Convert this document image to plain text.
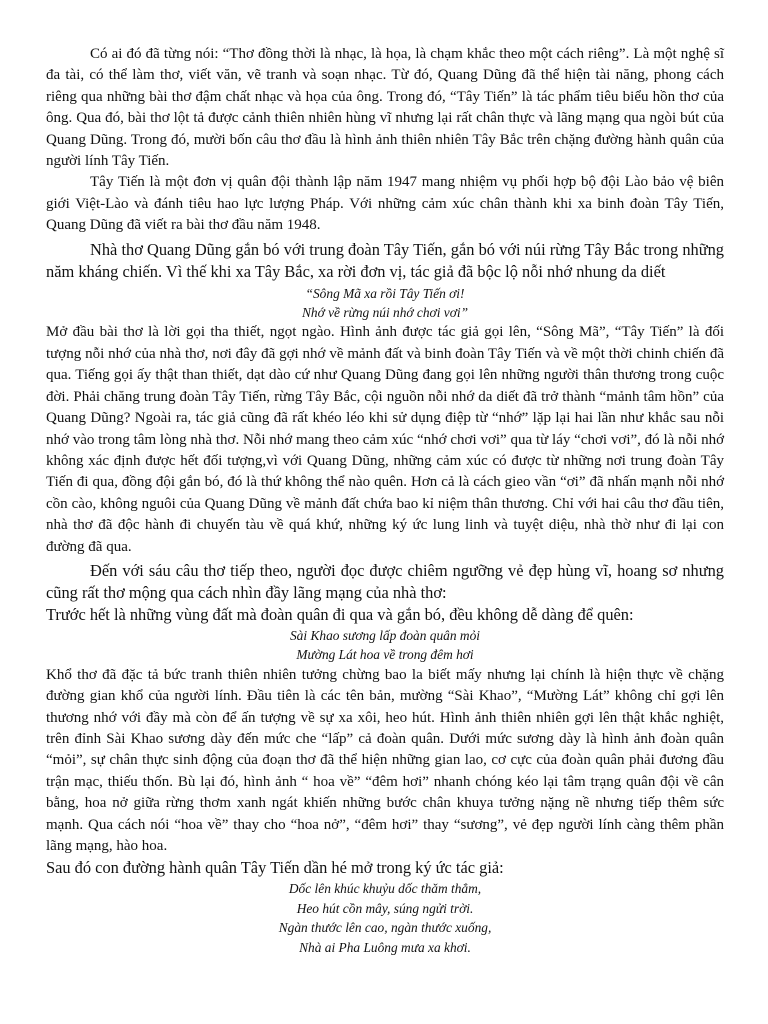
Có ai đó đã từng nói: “Thơ đồng thời là nhạc, là họa, là chạm khắc theo một cách riêng”. Là một nghệ sĩ đa tài, có thể làm thơ, viết văn, vẽ tranh và soạn nhạc. Từ đó, Quang Dũng đã thể hiện tài năng, phong cách riêng qua những bài thơ đậm chất nhạc và họa của ông. Trong đó, “Tây Tiến” là tác phẩm tiêu biểu hồn thơ của ông. Qua đó, bài thơ lột tả được cảnh thiên nhiên hùng vĩ nhưng lại rất chân thực và lãng mạng qua ngòi bút của Quang Dũng. Trong đó, mười bốn câu thơ đầu là hình ảnh thiên nhiên Tây Bắc trên chặng đường hành quân của người lính Tây Tiến.

Tây Tiến là một đơn vị quân đội thành lập năm 1947 mang nhiệm vụ phối hợp bộ đội Lào bảo vệ biên giới Việt-Lào và đánh tiêu hao lực lượng Pháp. Với những cảm xúc chân thành khi xa binh đoàn Tây Tiến, Quang Dũng đã viết ra bài thơ đầu năm 1948.

Nhà thơ Quang Dũng gắn bó với trung đoàn Tây Tiến, gắn bó với núi rừng Tây Bắc trong những năm kháng chiến. Vì thế khi xa Tây Bắc, xa rời đơn vị, tác giả đã bộc lộ nỗi nhớ nhung da diết

“Sông Mã xa rồi Tây Tiến ơi!
Nhớ về rừng núi nhớ chơi vơi”

Mở đầu bài thơ là lời gọi tha thiết, ngọt ngào. Hình ảnh được tác giả gọi lên, “Sông Mã”, “Tây Tiến” là đối tượng nỗi nhớ của nhà thơ, nơi đây đã gợi nhớ về mảnh đất và binh đoàn Tây Tiến và về một thời chinh chiến đã qua. Tiếng gọi ấy thật than thiết, dạt dào cứ như Quang Dũng đang gọi lên những người thân thương trong cuộc đời. Phải chăng trung đoàn Tây Tiến, rừng Tây Bắc, cội nguồn nỗi nhớ da diết đã trở thành “mảnh tâm hồn” của Quang Dũng? Ngoài ra, tác giả cũng đã rất khéo léo khi sử dụng điệp từ “nhớ” lặp lại hai lần như khắc sau nỗi nhớ vào trong tâm lòng nhà thơ. Nỗi nhớ mang theo cảm xúc “nhớ chơi vơi” qua từ láy “chơi vơi”, đó là nỗi nhớ không xác định được hết đối tượng,vì với Quang Dũng, những cảm xúc có được từ những nơi trung đoàn Tây Tiến đi qua, đồng đội gắn bó, đó là thứ không thể nào quên. Hơn cả là cách gieo vần “ơi” đã nhấn mạnh nỗi nhớ cồn cào, không nguôi của Quang Dũng về mảnh đất chứa bao kỉ niệm thân thương. Chỉ với hai câu thơ đầu tiên, nhà thơ đã độc hành đi chuyến tàu về quá khứ, những ký ức lung linh và tuyệt diệu, nhà thờ như đi lại con đường đã qua.

Đến với sáu câu thơ tiếp theo, người đọc được chiêm ngưỡng vẻ đẹp hùng vĩ, hoang sơ nhưng cũng rất thơ mộng qua cách nhìn đầy lãng mạng của nhà thơ:

Trước hết là những vùng đất mà đoàn quân đi qua và gắn bó, đều không dễ dàng để quên:

Sài Khao sương lấp đoàn quân mỏi
Mường Lát hoa về trong đêm hơi

Khổ thơ đã đặc tả bức tranh thiên nhiên tưởng chừng bao la biết mấy nhưng lại chính là hiện thực về chặng đường gian khổ của người lính. Đầu tiên là các tên bản, mường “Sài Khao”, “Mường Lát” không chỉ gợi lên thương nhớ với đầy mà còn để ấn tượng về sự xa xôi, heo hút. Hình ảnh thiên nhiên gợi lên thật khắc nghiệt, trên đỉnh Sài Khao sương dày đến mức che “lấp” cả đoàn quân. Dưới mức sương dày là hình ảnh đoàn quân “mỏi”, sự chân thực sinh động của đoạn thơ đã thể hiện những gian lao, cơ cực của đoàn quân phải đương đầu trận mạc, thiếu thốn. Bù lại đó, hình ảnh “ hoa về” “đêm hơi” nhanh chóng kéo lại tâm trạng quân đội về cân bằng, hoa nở giữa rừng thơm xanh ngát khiến những bước chân khuya tưởng nặng nề nhưng tiếp thêm sức mạnh. Qua cách nói “hoa về” thay cho “hoa nở”, “đêm hơi” thay “sương”, vẻ đẹp người lính càng thêm phần lãng mạng, hào hoa.

Sau đó con đường hành quân Tây Tiến dần hé mở trong ký ức tác giả:

Dốc lên khúc khuỷu dốc thăm thẳm,
Heo hút cồn mây, súng ngửi trời.
Ngàn thước lên cao, ngàn thước xuống,
Nhà ai Pha Luông mưa xa khơi.
